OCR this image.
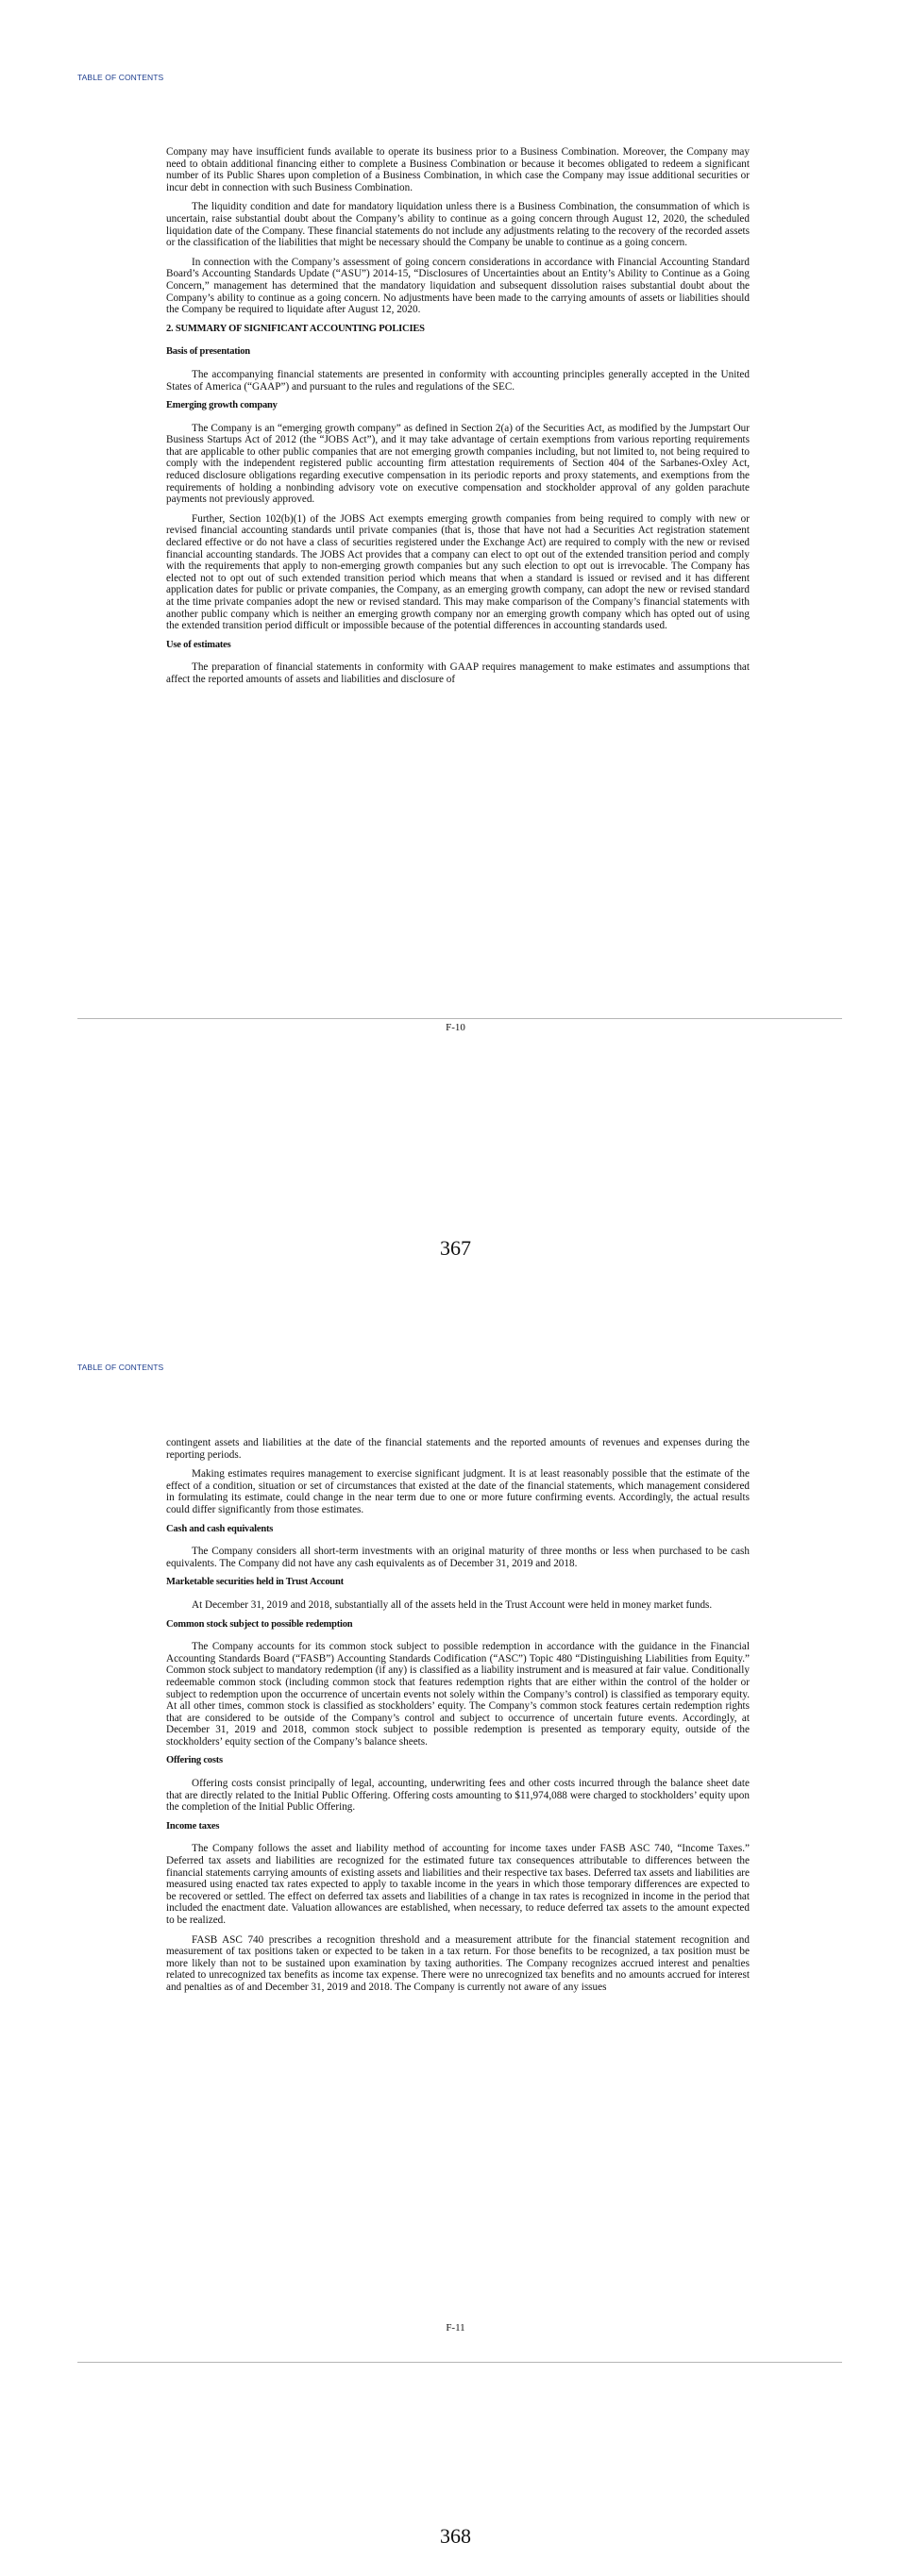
TABLE OF CONTENTS

Company may have insufficient funds available to operate its business prior to a Business Combination. Moreover, the Company may need to obtain additional financing either to complete a Business Combination or because it becomes obligated to redeem a significant number of its Public Shares upon completion of a Business Combination, in which case the Company may issue additional securities or incur debt in connection with such Business Combination.

The liquidity condition and date for mandatory liquidation unless there is a Business Combination, the consummation of which is uncertain, raise substantial doubt about the Company’s ability to continue as a going concern through August 12, 2020, the scheduled liquidation date of the Company. These financial statements do not include any adjustments relating to the recovery of the recorded assets or the classification of the liabilities that might be necessary should the Company be unable to continue as a going concern.

In connection with the Company’s assessment of going concern considerations in accordance with Financial Accounting Standard Board’s Accounting Standards Update (“ASU”) 2014-15, “Disclosures of Uncertainties about an Entity’s Ability to Continue as a Going Concern,” management has determined that the mandatory liquidation and subsequent dissolution raises substantial doubt about the Company’s ability to continue as a going concern. No adjustments have been made to the carrying amounts of assets or liabilities should the Company be required to liquidate after August 12, 2020.

2. SUMMARY OF SIGNIFICANT ACCOUNTING POLICIES
Basis of presentation

The accompanying financial statements are presented in conformity with accounting principles generally accepted in the United States of America (“GAAP”) and pursuant to the rules and regulations of the SEC.

Emerging growth company

The Company is an “emerging growth company” as defined in Section 2(a) of the Securities Act, as modified by the Jumpstart Our Business Startups Act of 2012 (the “JOBS Act”), and it may take advantage of certain exemptions from various reporting requirements that are applicable to other public companies that are not emerging growth companies including, but not limited to, not being required to comply with the independent registered public accounting firm attestation requirements of Section 404 of the Sarbanes-Oxley Act, reduced disclosure obligations regarding executive compensation in its periodic reports and proxy statements, and exemptions from the requirements of holding a nonbinding advisory vote on executive compensation and stockholder approval of any golden parachute payments not previously approved.

Further, Section 102(b)(1) of the JOBS Act exempts emerging growth companies from being required to comply with new or revised financial accounting standards until private companies (that is, those that have not had a Securities Act registration statement declared effective or do not have a class of securities registered under the Exchange Act) are required to comply with the new or revised financial accounting standards. The JOBS Act provides that a company can elect to opt out of the extended transition period and comply with the requirements that apply to non-emerging growth companies but any such election to opt out is irrevocable. The Company has elected not to opt out of such extended transition period which means that when a standard is issued or revised and it has different application dates for public or private companies, the Company, as an emerging growth company, can adopt the new or revised standard at the time private companies adopt the new or revised standard. This may make comparison of the Company’s financial statements with another public company which is neither an emerging growth company nor an emerging growth company which has opted out of using the extended transition period difficult or impossible because of the potential differences in accounting standards used.

Use of estimates

The preparation of financial statements in conformity with GAAP requires management to make estimates and assumptions that affect the reported amounts of assets and liabilities and disclosure of

F-10
367
TABLE OF CONTENTS

contingent assets and liabilities at the date of the financial statements and the reported amounts of revenues and expenses during the reporting periods.

Making estimates requires management to exercise significant judgment. It is at least reasonably possible that the estimate of the effect of a condition, situation or set of circumstances that existed at the date of the financial statements, which management considered in formulating its estimate, could change in the near term due to one or more future confirming events. Accordingly, the actual results could differ significantly from those estimates.

Cash and cash equivalents

The Company considers all short-term investments with an original maturity of three months or less when purchased to be cash equivalents. The Company did not have any cash equivalents as of December 31, 2019 and 2018.

Marketable securities held in Trust Account

At December 31, 2019 and 2018, substantially all of the assets held in the Trust Account were held in money market funds.

Common stock subject to possible redemption

The Company accounts for its common stock subject to possible redemption in accordance with the guidance in the Financial Accounting Standards Board (“FASB”) Accounting Standards Codification (“ASC”) Topic 480 “Distinguishing Liabilities from Equity.” Common stock subject to mandatory redemption (if any) is classified as a liability instrument and is measured at fair value. Conditionally redeemable common stock (including common stock that features redemption rights that are either within the control of the holder or subject to redemption upon the occurrence of uncertain events not solely within the Company’s control) is classified as temporary equity. At all other times, common stock is classified as stockholders’ equity. The Company’s common stock features certain redemption rights that are considered to be outside of the Company’s control and subject to occurrence of uncertain future events. Accordingly, at December 31, 2019 and 2018, common stock subject to possible redemption is presented as temporary equity, outside of the stockholders’ equity section of the Company’s balance sheets.

Offering costs

Offering costs consist principally of legal, accounting, underwriting fees and other costs incurred through the balance sheet date that are directly related to the Initial Public Offering. Offering costs amounting to $11,974,088 were charged to stockholders’ equity upon the completion of the Initial Public Offering.

Income taxes

The Company follows the asset and liability method of accounting for income taxes under FASB ASC 740, “Income Taxes.” Deferred tax assets and liabilities are recognized for the estimated future tax consequences attributable to differences between the financial statements carrying amounts of existing assets and liabilities and their respective tax bases. Deferred tax assets and liabilities are measured using enacted tax rates expected to apply to taxable income in the years in which those temporary differences are expected to be recovered or settled. The effect on deferred tax assets and liabilities of a change in tax rates is recognized in income in the period that included the enactment date. Valuation allowances are established, when necessary, to reduce deferred tax assets to the amount expected to be realized.

FASB ASC 740 prescribes a recognition threshold and a measurement attribute for the financial statement recognition and measurement of tax positions taken or expected to be taken in a tax return. For those benefits to be recognized, a tax position must be more likely than not to be sustained upon examination by taxing authorities. The Company recognizes accrued interest and penalties related to unrecognized tax benefits as income tax expense. There were no unrecognized tax benefits and no amounts accrued for interest and penalties as of and December 31, 2019 and 2018. The Company is currently not aware of any issues

F-11
368
